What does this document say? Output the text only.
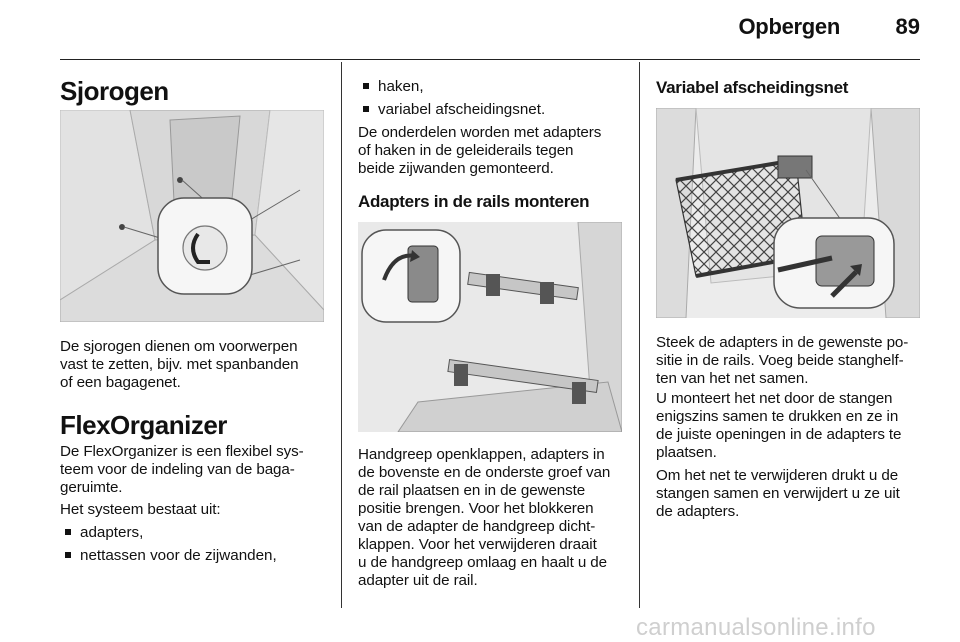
Opbergen	89
Sjorogen
De sjorogen dienen om voorwerpen
vast te zetten, bijv. met spanbanden
of een bagagenet.
FlexOrganizer
De FlexOrganizer is een flexibel sys-
teem voor de indeling van de baga-
geruimte.
Het systeem bestaat uit:
adapters,
nettassen voor de zijwanden,
haken,
variabel afscheidingsnet.
De onderdelen worden met adapters
of haken in de geleiderails tegen
beide zijwanden gemonteerd.
Adapters in de rails monteren
Handgreep openklappen, adapters in
de bovenste en de onderste groef van
de rail plaatsen en in de gewenste
positie brengen. Voor het blokkeren
van de adapter de handgreep dicht-
klappen. Voor het verwijderen draait
u de handgreep omlaag en haalt u de
adapter uit de rail.
Variabel afscheidingsnet
Steek de adapters in de gewenste po-
sitie in de rails. Voeg beide stanghelf-
ten van het net samen.
U monteert het net door de stangen
enigszins samen te drukken en ze in
de juiste openingen in de adapters te
plaatsen.
Om het net te verwijderen drukt u de
stangen samen en verwijdert u ze uit
de adapters.
carmanualsonline.info
